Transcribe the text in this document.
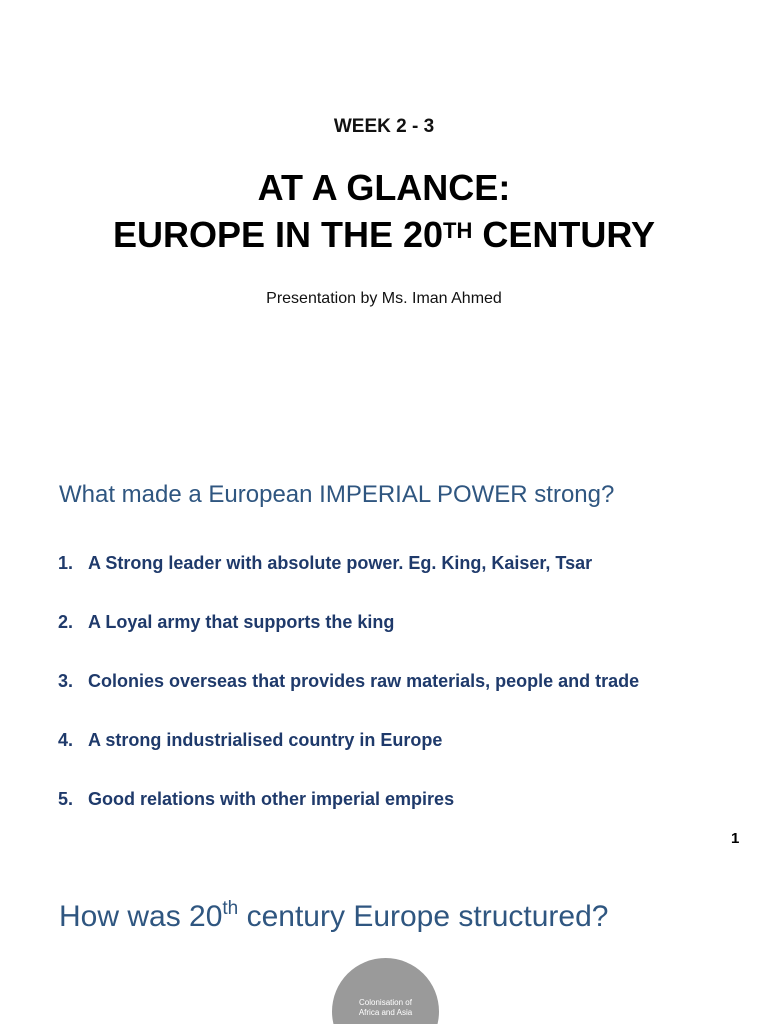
WEEK 2 - 3
AT A GLANCE:
EUROPE IN THE 20TH CENTURY
Presentation by Ms. Iman Ahmed
What made a European IMPERIAL POWER strong?
1. A Strong leader with absolute power. Eg. King, Kaiser, Tsar
2. A Loyal army that supports the king
3. Colonies overseas that provides raw materials, people and trade
4. A strong industrialised country in Europe
5. Good relations with other imperial empires
1
How was 20th century Europe structured?
Colonisation of
Africa and Asia
